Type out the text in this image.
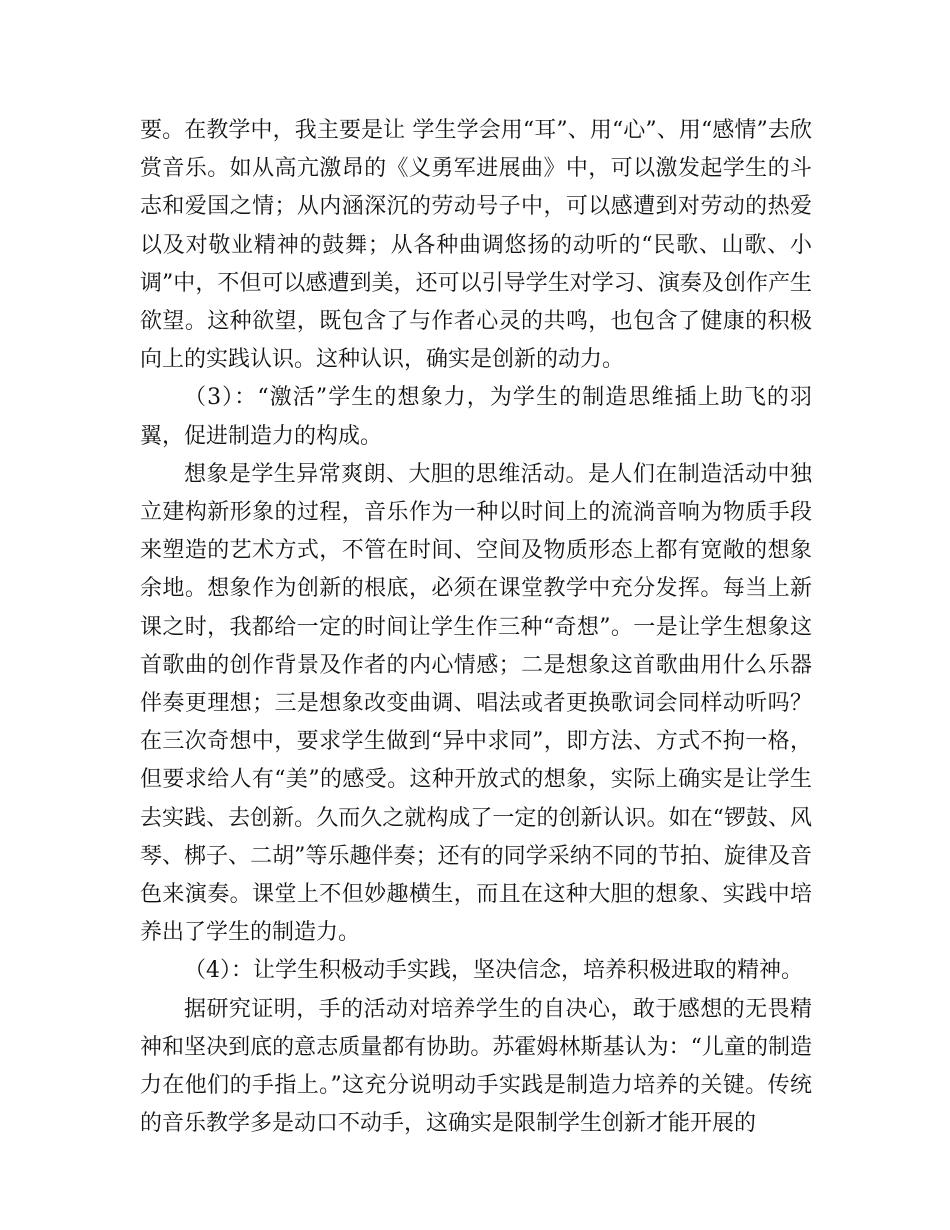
要。在教学中，我主要是让 学生学会用“耳”、用“心”、用“感情”去欣赏音乐。如从高亢激昂的《义勇军进展曲》中，可以激发起学生的斗志和爱国之情；从内涵深沉的劳动号子中，可以感遭到对劳动的热爱以及对敬业精神的鼓舞；从各种曲调悠扬的动听的“民歌、山歌、小调”中，不但可以感遭到美，还可以引导学生对学习、演奏及创作产生欲望。这种欲望，既包含了与作者心灵的共鸣，也包含了健康的积极向上的实践认识。这种认识，确实是创新的动力。

（3）：“激活”学生的想象力，为学生的制造思维插上助飞的羽翼，促进制造力的构成。

想象是学生异常爽朗、大胆的思维活动。是人们在制造活动中独立建构新形象的过程，音乐作为一种以时间上的流淌音响为物质手段来塑造的艺术方式，不管在时间、空间及物质形态上都有宽敞的想象余地。想象作为创新的根底，必须在课堂教学中充分发挥。每当上新课之时，我都给一定的时间让学生作三种“奇想”。一是让学生想象这首歌曲的创作背景及作者的内心情感；二是想象这首歌曲用什么乐器伴奏更理想；三是想象改变曲调、唱法或者更换歌词会同样动听吗？在三次奇想中，要求学生做到“异中求同”，即方法、方式不拘一格，但要求给人有“美”的感受。这种开放式的想象，实际上确实是让学生去实践、去创新。久而久之就构成了一定的创新认识。如在“锣鼓、风琴、梆子、二胡”等乐趣伴奏；还有的同学采纳不同的节拍、旋律及音色来演奏。课堂上不但妙趣横生，而且在这种大胆的想象、实践中培养出了学生的制造力。

（4）：让学生积极动手实践，坚决信念，培养积极进取的精神。

据研究证明，手的活动对培养学生的自决心，敢于感想的无畏精神和坚决到底的意志质量都有协助。苏霍姆林斯基认为：“儿童的制造力在他们的手指上。”这充分说明动手实践是制造力培养的关键。传统的音乐教学多是动口不动手，这确实是限制学生创新才能开展的
